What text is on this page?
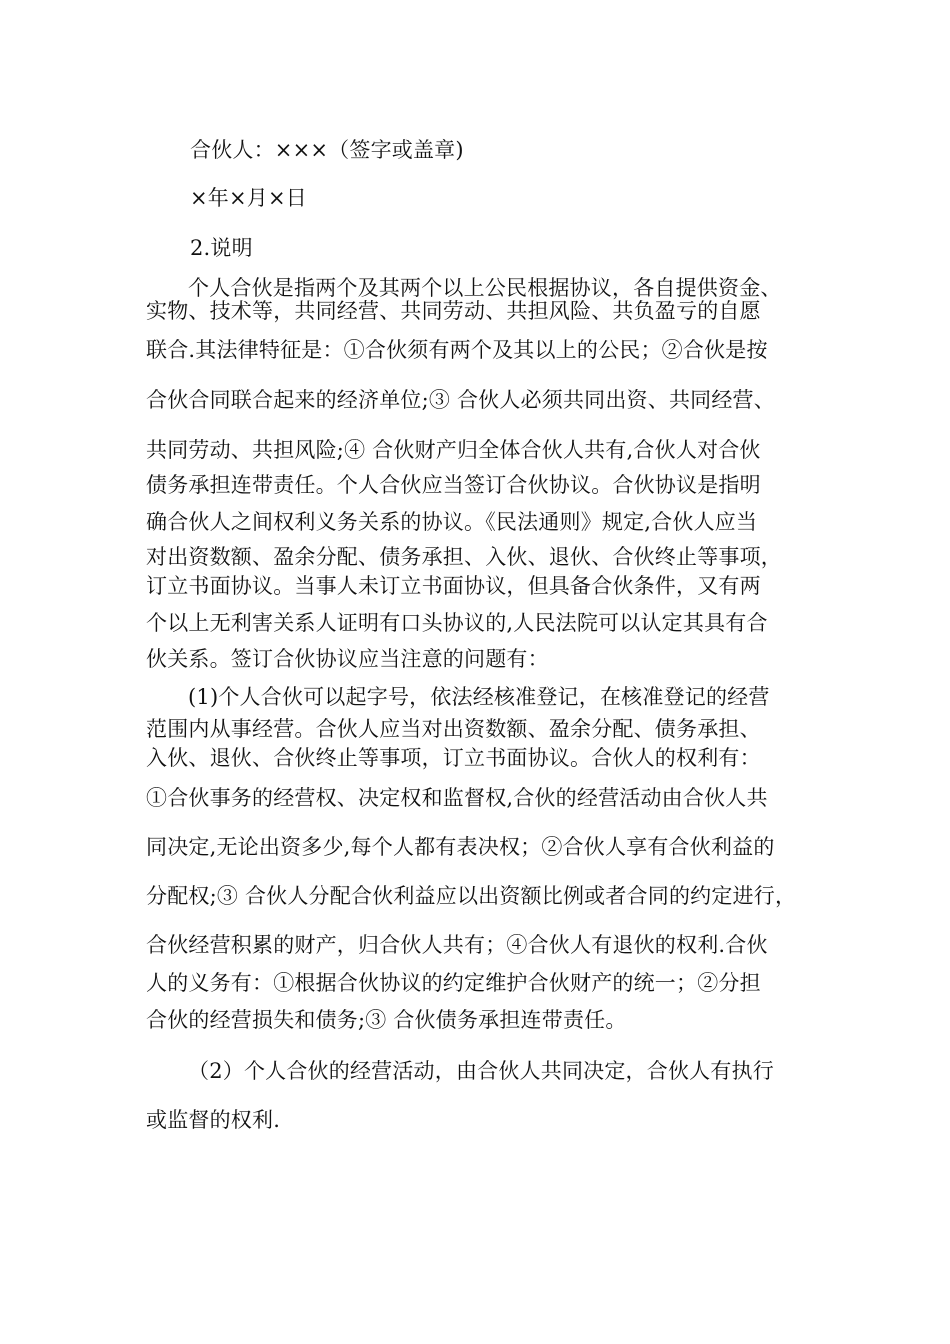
合伙人：×××（签字或盖章)
×年×月×日
2.说明
个人合伙是指两个及其两个以上公民根据协议，各自提供资金、
实物、技术等，共同经营、共同劳动、共担风险、共负盈亏的自愿
联合.其法律特征是：①合伙须有两个及其以上的公民；②合伙是按
合伙合同联合起来的经济单位;③ 合伙人必须共同出资、共同经营、
共同劳动、共担风险;④ 合伙财产归全体合伙人共有,合伙人对合伙
债务承担连带责任。个人合伙应当签订合伙协议。合伙协议是指明
确合伙人之间权利义务关系的协议。《民法通则》规定,合伙人应当
对出资数额、盈余分配、债务承担、入伙、退伙、合伙终止等事项，
订立书面协议。当事人未订立书面协议，但具备合伙条件，又有两
个以上无利害关系人证明有口头协议的,人民法院可以认定其具有合
伙关系。签订合伙协议应当注意的问题有：
(1)个人合伙可以起字号，依法经核准登记，在核准登记的经营
范围内从事经营。合伙人应当对出资数额、盈余分配、债务承担、
入伙、退伙、合伙终止等事项，订立书面协议。合伙人的权利有：
①合伙事务的经营权、决定权和监督权,合伙的经营活动由合伙人共
同决定,无论出资多少,每个人都有表决权；②合伙人享有合伙利益的
分配权;③ 合伙人分配合伙利益应以出资额比例或者合同的约定进行，
合伙经营积累的财产，归合伙人共有；④合伙人有退伙的权利.合伙
人的义务有：①根据合伙协议的约定维护合伙财产的统一；②分担
合伙的经营损失和债务;③ 合伙债务承担连带责任。
（2）个人合伙的经营活动，由合伙人共同决定，合伙人有执行
或监督的权利.
